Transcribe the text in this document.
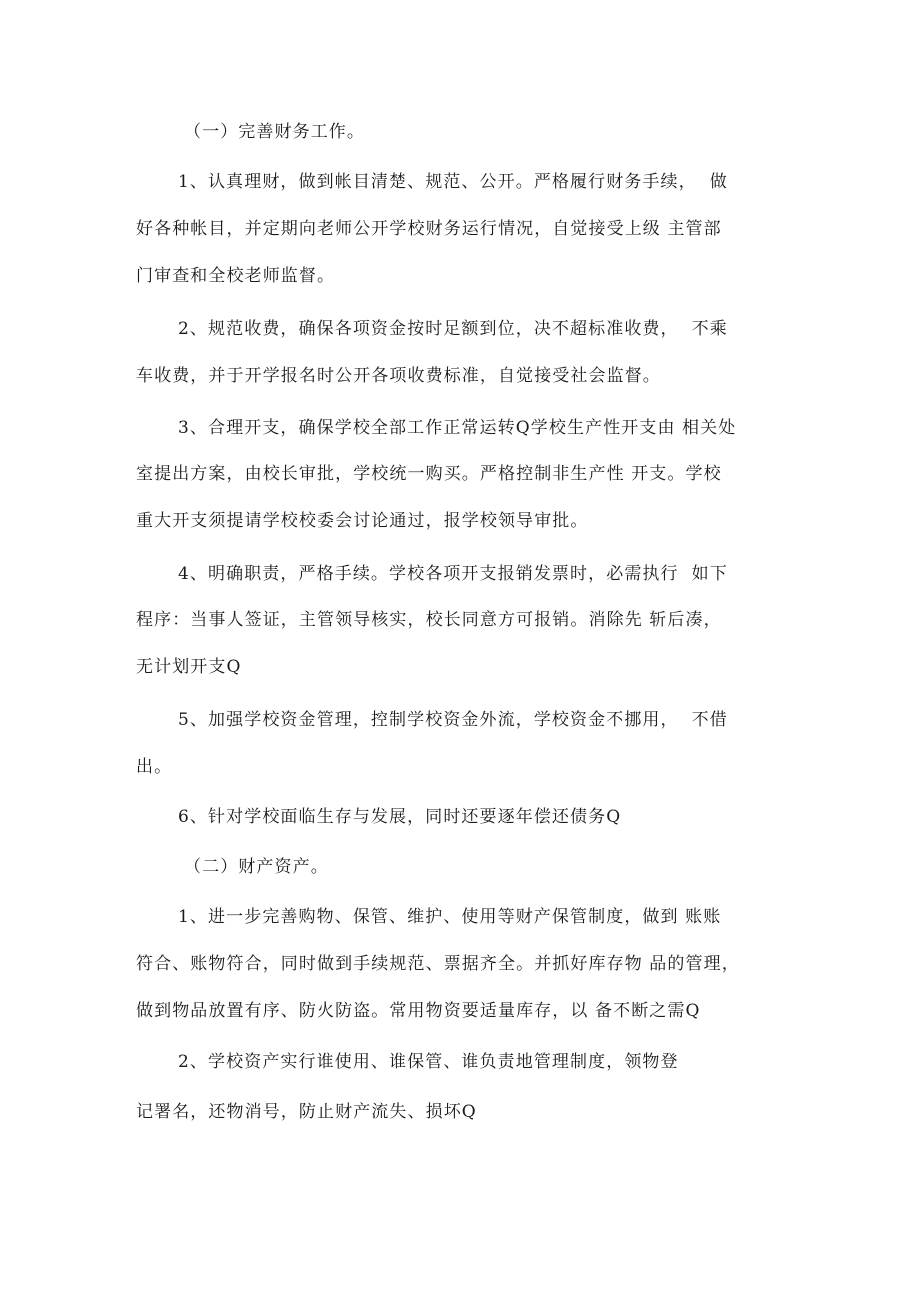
（一）完善财务工作。

1、认真理财，做到帐目清楚、规范、公开。严格履行财务手续，  做

好各种帐目，并定期向老师公开学校财务运行情况，自觉接受上级 主管部

门审查和全校老师监督。

2、规范收费，确保各项资金按时足额到位，决不超标准收费，  不乘

车收费，并于开学报名时公开各项收费标准，自觉接受社会监督。

3、合理开支，确保学校全部工作正常运转Q学校生产性开支由 相关处

室提出方案，由校长审批，学校统一购买。严格控制非生产性 开支。学校

重大开支须提请学校校委会讨论通过，报学校领导审批。

4、明确职责，严格手续。学校各项开支报销发票时，必需执行  如下

程序：当事人签证，主管领导核实，校长同意方可报销。消除先 斩后凑，

无计划开支Q

5、加强学校资金管理，控制学校资金外流，学校资金不挪用，  不借

出。

6、针对学校面临生存与发展，同时还要逐年偿还债务Q

（二）财产资产。

1、进一步完善购物、保管、维护、使用等财产保管制度，做到 账账

符合、账物符合，同时做到手续规范、票据齐全。并抓好库存物 品的管理，

做到物品放置有序、防火防盗。常用物资要适量库存，以 备不断之需Q

2、学校资产实行谁使用、谁保管、谁负责地管理制度，领物登

记署名，还物消号，防止财产流失、损坏Q
